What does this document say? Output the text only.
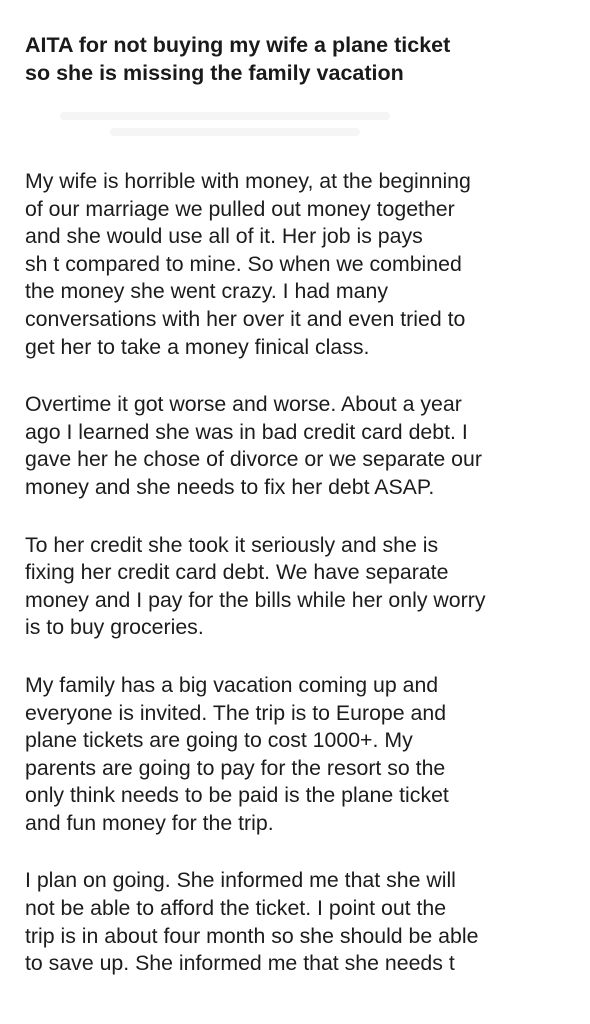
AITA for not buying my wife a plane ticket
so she is missing the family vacation

My wife is horrible with money, at the beginning
of our marriage we pulled out money together
and she would use all of it. Her job is pays
sh t compared to mine. So when we combined
the money she went crazy. I had many
conversations with her over it and even tried to
get her to take a money finical class.

Overtime it got worse and worse. About a year
ago I learned she was in bad credit card debt. I
gave her he chose of divorce or we separate our
money and she needs to fix her debt ASAP.

To her credit she took it seriously and she is
fixing her credit card debt. We have separate
money and I pay for the bills while her only worry
is to buy groceries.

My family has a big vacation coming up and
everyone is invited. The trip is to Europe and
plane tickets are going to cost 1000+. My
parents are going to pay for the resort so the
only think needs to be paid is the plane ticket
and fun money for the trip.

I plan on going. She informed me that she will
not be able to afford the ticket. I point out the
trip is in about four month so she should be able
to save up. She informed me that she needs t
